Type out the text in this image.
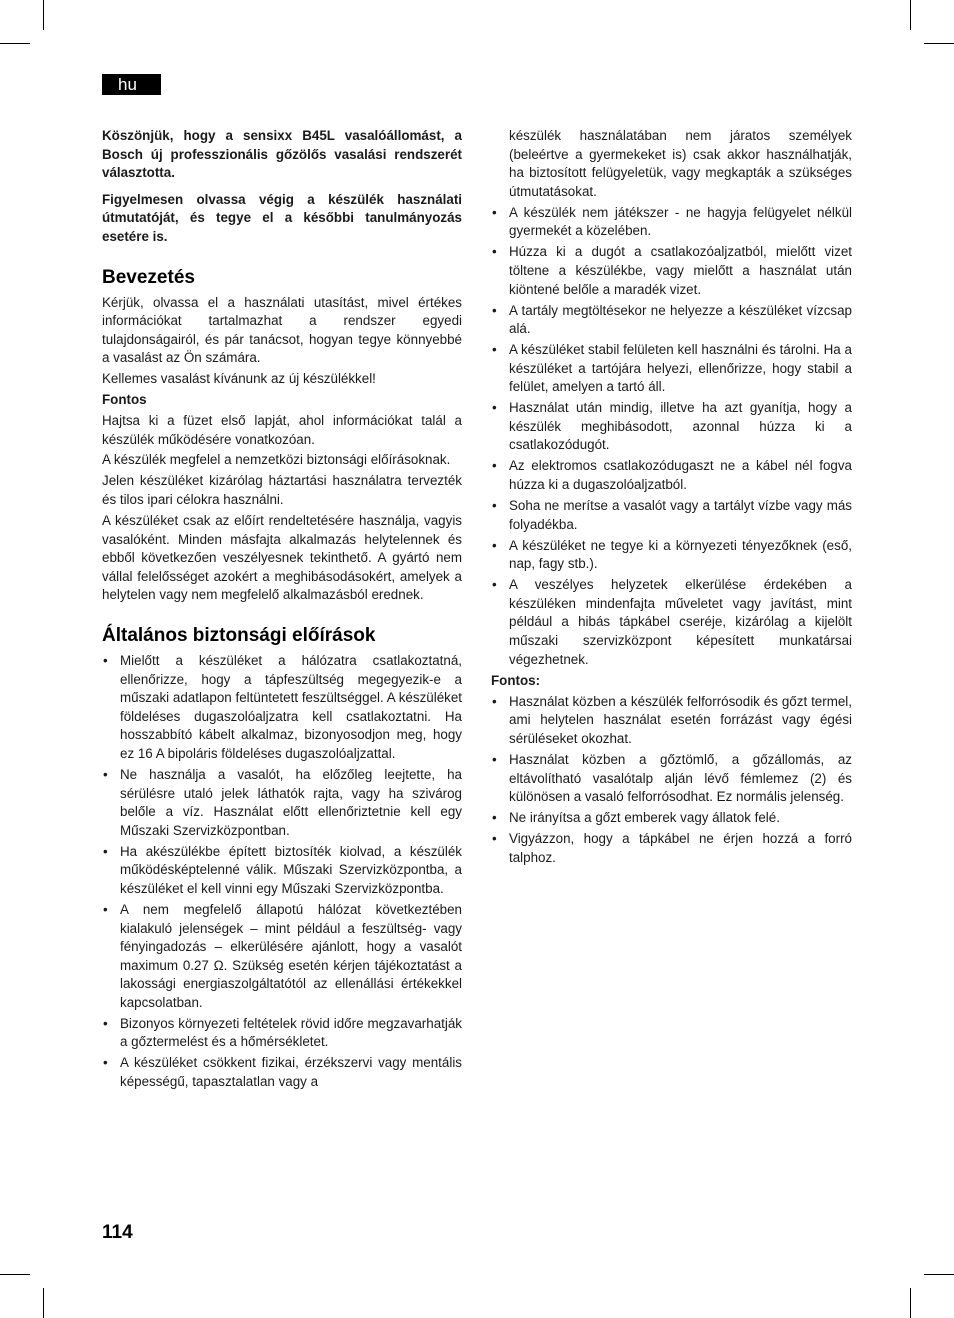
hu

Köszönjük, hogy a sensixx B45L vasalóállomást, a Bosch új professzionális gőzölős vasalási rendszerét választotta.

Figyelmesen olvassa végig a készülék használati útmutatóját, és tegye el a későbbi tanulmányozás esetére is.

Bevezetés

Kérjük, olvassa el a használati utasítást, mivel értékes információkat tartalmazhat a rendszer egyedi tulajdonságairól, és pár tanácsot, hogyan tegye könnyebbé a vasalást az Ön számára.

Kellemes vasalást kívánunk az új készülékkel!

Fontos

Hajtsa ki a füzet első lapját, ahol információkat talál a készülék működésére vonatkozóan.

A készülék megfelel a nemzetközi biztonsági előírásoknak.

Jelen készüléket kizárólag háztartási használatra tervezték és tilos ipari célokra használni.

A készüléket csak az előírt rendeltetésére használja, vagyis vasalóként. Minden másfajta alkalmazás helytelennek és ebből következően veszélyesnek tekinthető. A gyártó nem vállal felelősséget azokért a meghibásodásokért, amelyek a helytelen vagy nem megfelelő alkalmazásból erednek.

Általános biztonsági előírások
• Mielőtt a készüléket a hálózatra csatlakoztatná, ellenőrizze, hogy a tápfeszültség megegyezik-e a műszaki adatlapon feltüntetett feszültséggel. A készüléket földeléses dugaszolóaljzatra kell csatlakoztatni. Ha hosszabbító kábelt alkalmaz, bizonyosodjon meg, hogy ez 16 A bipoláris földeléses dugaszolóaljzattal.
• Ne használja a vasalót, ha előzőleg leejtette, ha sérülésre utaló jelek láthatók rajta, vagy ha szivárog belőle a víz. Használat előtt ellenőriztetnie kell egy Műszaki Szervizközpontban.
• Ha akészülékbe épített biztosíték kiolvad, a készülék működésképtelenné válik. Műszaki Szervizközpontba, a készüléket el kell vinni egy Műszaki Szervizközpontba.
• A nem megfelelő állapotú hálózat következtében kialakuló jelenségek – mint például a feszültség- vagy fényingadozás – elkerülésére ajánlott, hogy a vasalót maximum 0.27 Ω. Szükség esetén kérjen tájékoztatást a lakossági energiaszolgáltatótól az ellenállási értékekkel kapcsolatban.
• Bizonyos környezeti feltételek rövid időre megzavarhatják a gőztermelést és a hőmérsékletet.
• A készüléket csökkent fizikai, érzékszervi vagy mentális képességű, tapasztalatlan vagy a

készülék használatában nem járatos személyek (beleértve a gyermekeket is) csak akkor használhatják, ha biztosított felügyeletük, vagy megkapták a szükséges útmutatásokat.

• A készülék nem játékszer - ne hagyja felügyelet nélkül gyermekét a közelében.
• Húzza ki a dugót a csatlakozóaljzatból, mielőtt vizet töltene a készülékbe, vagy mielőtt a használat után kiöntené belőle a maradék vizet.
• A tartály megtöltésekor ne helyezze a készüléket vízcsap alá.
• A készüléket stabil felületen kell használni és tárolni. Ha a készüléket a tartójára helyezi, ellenőrizze, hogy stabil a felület, amelyen a tartó áll.
• Használat után mindig, illetve ha azt gyanítja, hogy a készülék meghibásodott, azonnal húzza ki a csatlakozódugót.
• Az elektromos csatlakozódugaszt ne a kábel nél fogva húzza ki a dugaszolóaljzatból.
• Soha ne merítse a vasalót vagy a tartályt vízbe vagy más folyadékba.
• A készüléket ne tegye ki a környezeti tényezőknek (eső, nap, fagy stb.).
• A veszélyes helyzetek elkerülése érdekében a készüléken mindenfajta műveletet vagy javítást, mint például a hibás tápkábel cseréje, kizárólag a kijelölt műszaki szervizközpont képesített munkatársai végezhetnek.
Fontos:
• Használat közben a készülék felforrósodik és gőzt termel, ami helytelen használat esetén forrázást vagy égési sérüléseket okozhat.
• Használat közben a gőztömlő, a gőzállomás, az eltávolítható vasalótalp alján lévő fémlemez (2) és különösen a vasaló felforrósodhat. Ez normális jelenség.
• Ne irányítsa a gőzt emberek vagy állatok felé.
• Vigyázzon, hogy a tápkábel ne érjen hozzá a forró talphoz.
114
